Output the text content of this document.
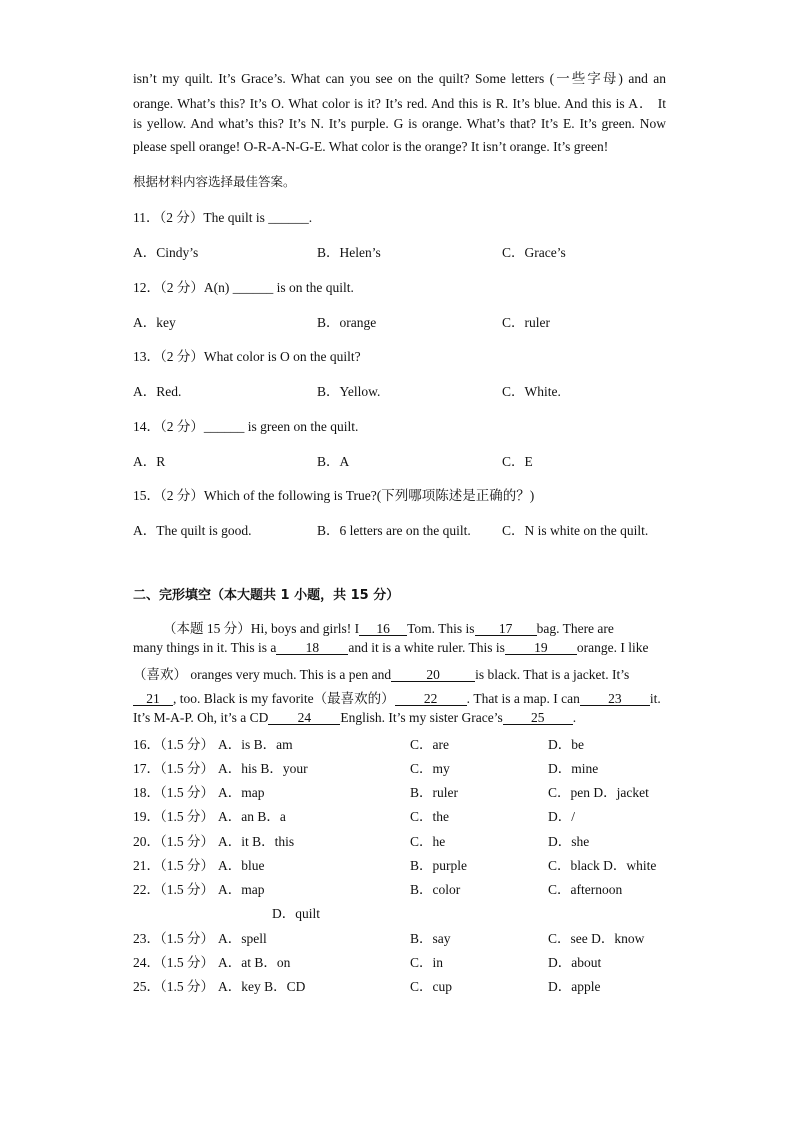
isn’t my quilt. It’s Grace’s. What can you see on the quilt? Some letters (一些字母) and an
orange. What’s this? It’s O. What color is it? It’s red. And this is R. It’s blue. And this is A． It
is yellow. And what’s this? It’s N. It’s purple. G is orange. What’s that? It’s E. It’s green. Now
please spell orange! O-R-A-N-G-E. What color is the orange? It isn’t orange. It’s green!
根据材料内容选择最佳答案。
11．（2 分）The quilt is ______.
A．Cindy’s	B．Helen’s	C．Grace’s
12．（2 分）A(n) ______ is on the quilt.
A．key	B．orange	C．ruler
13．（2 分）What color is O on the quilt?
A．Red.	B．Yellow.	C．White.
14．（2 分）______ is green on the quilt.
A．R	B．A	C．E
15．（2 分）Which of the following is True?(下列哪项陈述是正确的？)
A．The quilt is good.	B．6 letters are on the quilt. C．N is white on the quilt.
二、完形填空（本大题共 1 小题，共 15 分）
（本题 15 分）Hi, boys and girls! I 16 Tom. This is 17 bag. There are
many things in it. This is a 18 and it is a white ruler. This is 19 orange. I like
（喜欢） oranges very much. This is a pen and	20	is black. That is a jacket. It’s
21 , too. Black is my favorite（最喜欢的） 22 . That is a map. I can 23 it.
It’s M-A-P. Oh, it’s a CD 24 English. It’s my sister Grace’s 25 .
16．（1.5 分） A．is B．am	C．are	D．be
17．（1.5 分） A．his B．your	C．my	D．mine
18．（1.5 分） A．map	B．ruler	C．pen D．jacket
19．（1.5 分） A．an B．a	C．the	D．/
20．（1.5 分） A．it B．this	C．he	D．she
21．（1.5 分） A．blue	B．purple	C．black D．white
22．（1.5 分） A．map	B．color	C．afternoon
D．quilt
23．（1.5 分） A．spell	B．say	C．see D．know
24．（1.5 分） A．at B．on	C．in	D．about
25．（1.5 分） A．key B．CD	C．cup	D．apple
